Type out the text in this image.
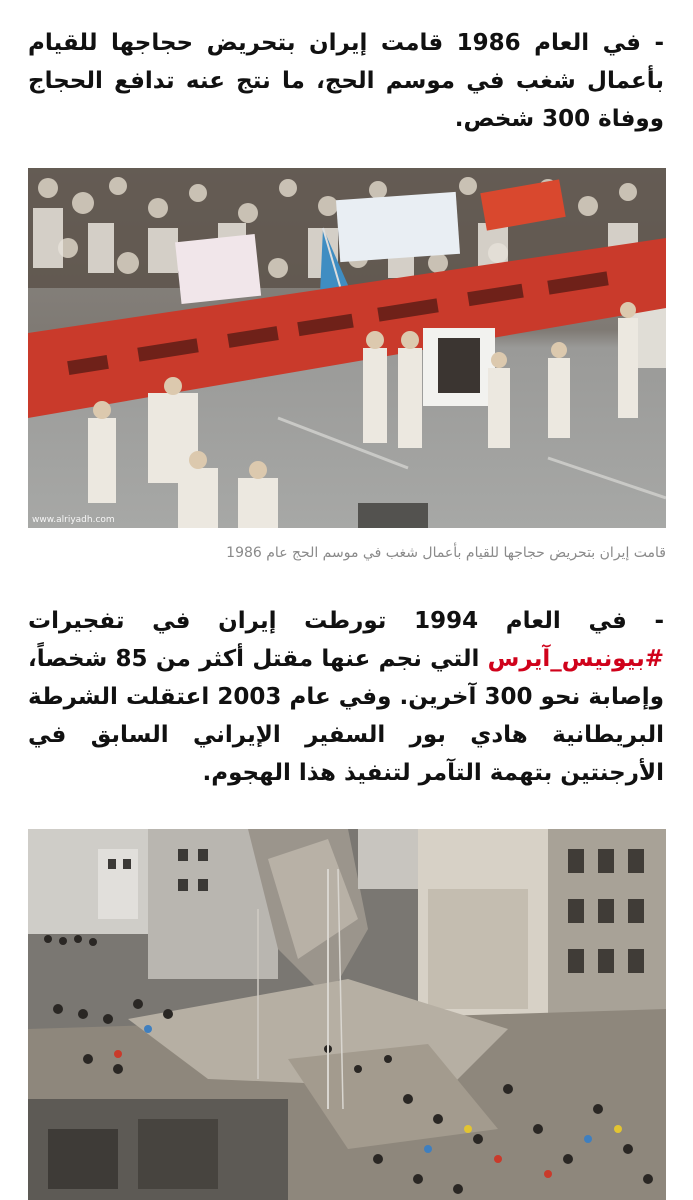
- في العام 1986 قامت إيران بتحريض حجاجها للقيام بأعمال شغب في موسم الحج، ما نتج عنه تدافع الحجاج ووفاة 300 شخص.

www.alriyadh.com
قامت إيران بتحريض حجاجها للقيام بأعمال شغب في موسم الحج عام 1986

- في العام 1994 تورطت إيران في تفجيرات #بيونيس_آيرس التي نجم عنها مقتل أكثر من 85 شخصاً، وإصابة نحو 300 آخرين. وفي عام 2003 اعتقلت الشرطة البريطانية هادي بور السفير الإيراني السابق في الأرجنتين بتهمة التآمر لتنفيذ هذا الهجوم.
